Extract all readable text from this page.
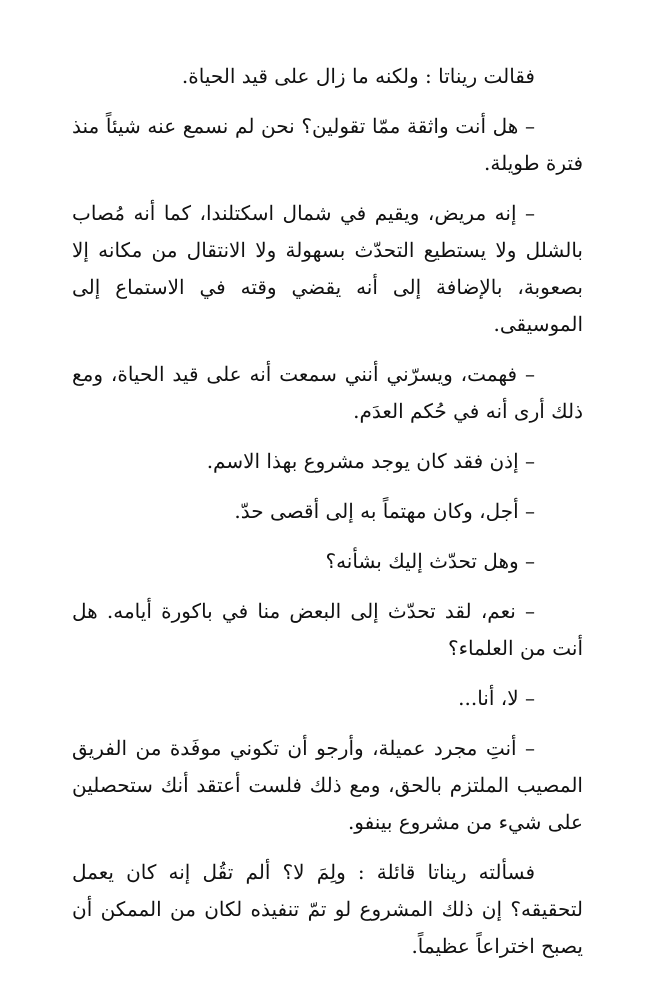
فقالت ريناتا : ولكنه ما زال على قيد الحياة.

– هل أنت واثقة ممّا تقولين؟ نحن لم نسمع عنه شيئاً منذ فترة طويلة.

– إنه مريض، ويقيم في شمال اسكتلندا، كما أنه مُصاب بالشلل ولا يستطيع التحدّث بسهولة ولا الانتقال من مكانه إلا بصعوبة، بالإضافة إلى أنه يقضي وقته في الاستماع إلى الموسيقى.

– فهمت، ويسرّني أنني سمعت أنه على قيد الحياة، ومع ذلك أرى أنه في حُكم العدَم.

– إذن فقد كان يوجد مشروع بهذا الاسم.

– أجل، وكان مهتماً به إلى أقصى حدّ.

– وهل تحدّث إليك بشأنه؟

– نعم، لقد تحدّث إلى البعض منا في باكورة أيامه. هل أنت من العلماء؟

– لا، أنا...

– أنتِ مجرد عميلة، وأرجو أن تكوني موفَدة من الفريق المصيب الملتزم بالحق، ومع ذلك فلست أعتقد أنك ستحصلين على شيء من مشروع بينفو.

فسألته ريناتا قائلة : ولِمَ لا؟ ألم تقُل إنه كان يعمل لتحقيقه؟ إن ذلك المشروع لو تمّ تنفيذه لكان من الممكن أن يصبح اختراعاً عظيماً.
